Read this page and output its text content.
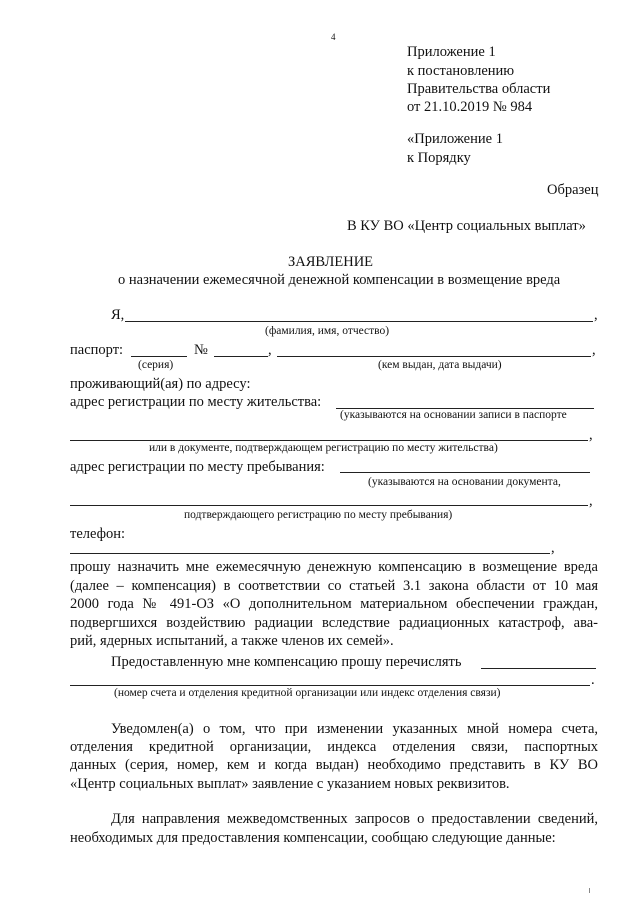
4
Приложение 1
к постановлению
Правительства области
от 21.10.2019 № 984
«Приложение 1
к Порядку
Образец
В КУ ВО «Центр социальных выплат»
ЗАЯВЛЕНИЕ
о назначении ежемесячной денежной компенсации в возмещение вреда
Я,	,
(фамилия, имя, отчество)
паспорт:	№	,	,
(серия)	(кем выдан, дата выдачи)
проживающий(ая) по адресу:
адрес регистрации по месту жительства:
(указываются на основании записи в паспорте
,
или в документе, подтверждающем регистрацию по месту жительства)
адрес регистрации по месту пребывания:
(указываются на основании документа,
,
подтверждающего регистрацию по месту пребывания)
телефон:
,
прошу назначить мне ежемесячную денежную компенсацию в возмещение вреда
(далее – компенсация) в соответствии со статьей 3.1 закона области от 10 мая
2000 года № 491-ОЗ «О дополнительном материальном обеспечении граждан,
подвергшихся воздействию радиации вследствие радиационных катастроф, ава-
рий, ядерных испытаний, а также членов их семей».
Предоставленную мне компенсацию прошу перечислять
.
(номер счета и отделения кредитной организации или индекс отделения связи)
Уведомлен(а) о том, что при изменении указанных мной номера счета,
отделения кредитной организации, индекса отделения связи, паспортных
данных (серия, номер, кем и когда выдан) необходимо представить в КУ ВО
«Центр социальных выплат» заявление с указанием новых реквизитов.
Для направления межведомственных запросов о предоставлении сведений,
необходимых для предоставления компенсации, сообщаю следующие данные:
